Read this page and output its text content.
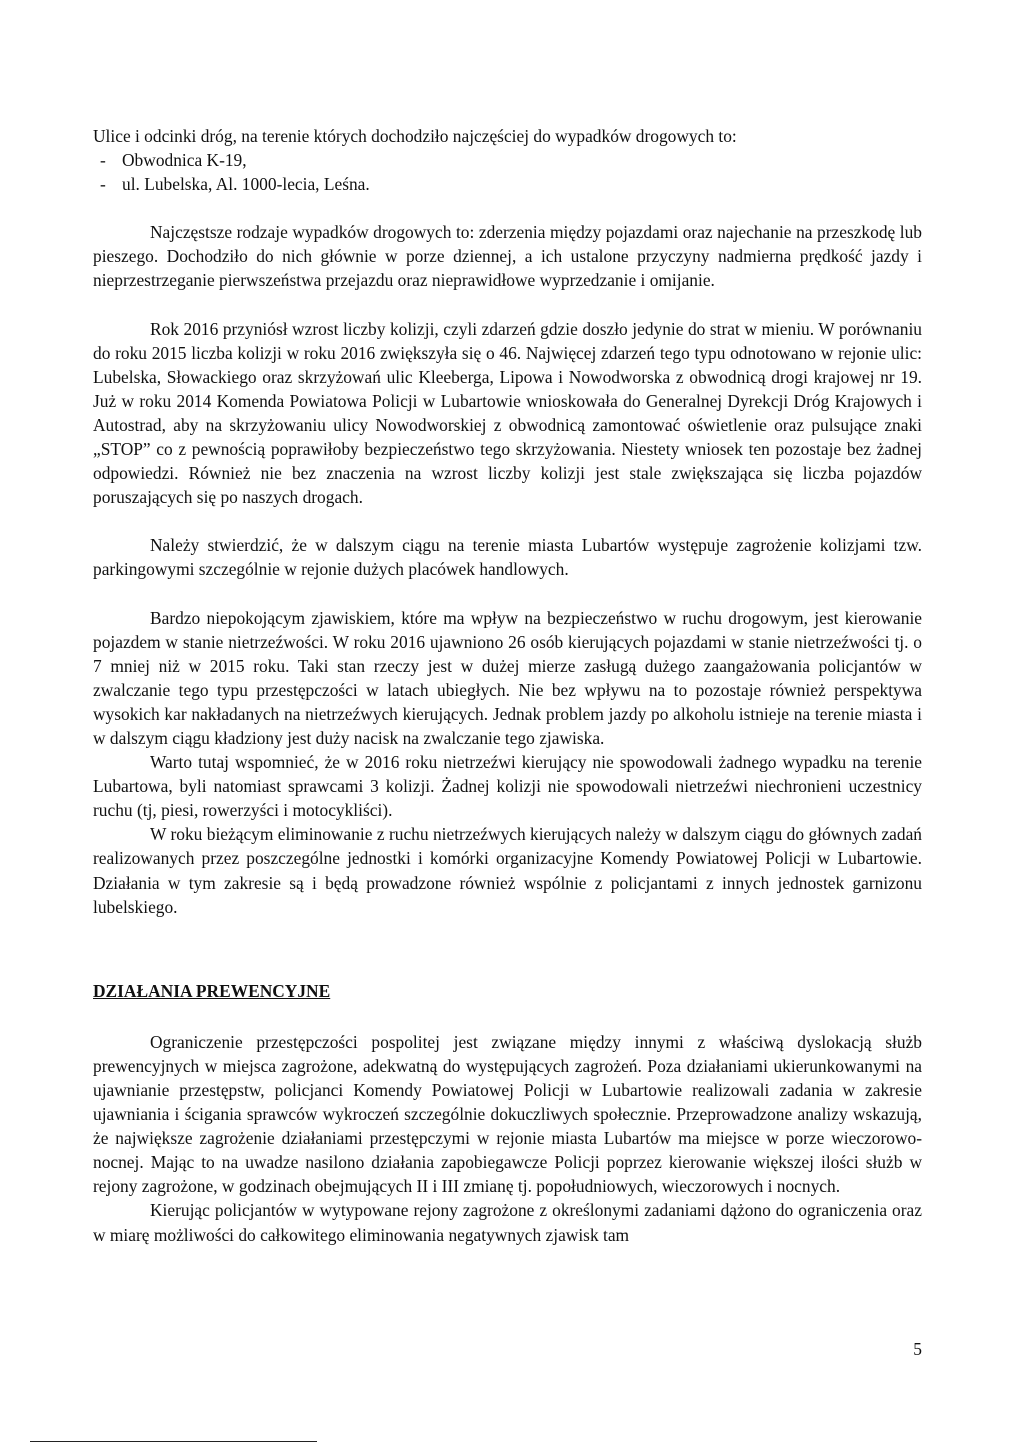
Ulice i odcinki dróg, na terenie których dochodziło najczęściej do wypadków drogowych to:

- Obwodnica K-19,
- ul. Lubelska, Al. 1000-lecia, Leśna.

Najczęstsze rodzaje wypadków drogowych to: zderzenia między pojazdami oraz najechanie na przeszkodę lub pieszego. Dochodziło do nich głównie w porze dziennej, a ich ustalone przyczyny nadmierna prędkość jazdy i nieprzestrzeganie pierwszeństwa przejazdu oraz nieprawidłowe wyprzedzanie i omijanie.

Rok 2016 przyniósł wzrost liczby kolizji, czyli zdarzeń gdzie doszło jedynie do strat w mieniu. W porównaniu do roku 2015 liczba kolizji w roku 2016 zwiększyła się o 46. Najwięcej zdarzeń tego typu odnotowano w rejonie ulic: Lubelska, Słowackiego oraz skrzyżowań ulic Kleeberga, Lipowa i Nowodworska z obwodnicą drogi krajowej nr 19. Już w roku 2014 Komenda Powiatowa Policji w Lubartowie wnioskowała do Generalnej Dyrekcji Dróg Krajowych i Autostrad, aby na skrzyżowaniu ulicy Nowodworskiej z obwodnicą zamontować oświetlenie oraz pulsujące znaki „STOP” co z pewnością poprawiłoby bezpieczeństwo tego skrzyżowania. Niestety wniosek ten pozostaje bez żadnej odpowiedzi. Również nie bez znaczenia na wzrost liczby kolizji jest stale zwiększająca się liczba pojazdów poruszających się po naszych drogach.

Należy stwierdzić, że w dalszym ciągu na terenie miasta Lubartów występuje zagrożenie kolizjami tzw. parkingowymi szczególnie w rejonie dużych placówek handlowych.

Bardzo niepokojącym zjawiskiem, które ma wpływ na bezpieczeństwo w ruchu drogowym, jest kierowanie pojazdem w stanie nietrzeźwości. W roku 2016 ujawniono 26 osób kierujących pojazdami w stanie nietrzeźwości tj. o 7 mniej niż w 2015 roku. Taki stan rzeczy jest w dużej mierze zasługą dużego zaangażowania policjantów w zwalczanie tego typu przestępczości w latach ubiegłych. Nie bez wpływu na to pozostaje również perspektywa wysokich kar nakładanych na nietrzeźwych kierujących. Jednak problem jazdy po alkoholu istnieje na terenie miasta i w dalszym ciągu kładziony jest duży nacisk na zwalczanie tego zjawiska.

Warto tutaj wspomnieć, że w 2016 roku nietrzeźwi kierujący nie spowodowali żadnego wypadku na terenie Lubartowa, byli natomiast sprawcami 3 kolizji. Żadnej kolizji nie spowodowali nietrzeźwi niechronieni uczestnicy ruchu (tj, piesi, rowerzyści i motocykliści).

W roku bieżącym eliminowanie z ruchu nietrzeźwych kierujących należy w dalszym ciągu do głównych zadań realizowanych przez poszczególne jednostki i komórki organizacyjne Komendy Powiatowej Policji w Lubartowie. Działania w tym zakresie są i będą prowadzone również wspólnie z policjantami z innych jednostek garnizonu lubelskiego.

DZIAŁANIA PREWENCYJNE

Ograniczenie przestępczości pospolitej jest związane między innymi z właściwą dyslokacją służb prewencyjnych w miejsca zagrożone, adekwatną do występujących zagrożeń. Poza działaniami ukierunkowanymi na ujawnianie przestępstw, policjanci Komendy Powiatowej Policji w Lubartowie realizowali zadania w zakresie ujawniania i ścigania sprawców wykroczeń szczególnie dokuczliwych społecznie. Przeprowadzone analizy wskazują, że największe zagrożenie działaniami przestępczymi w rejonie miasta Lubartów ma miejsce w porze wieczorowo-nocnej. Mając to na uwadze nasilono działania zapobiegawcze Policji poprzez kierowanie większej ilości służb w rejony zagrożone, w godzinach obejmujących II i III zmianę tj. popołudniowych, wieczorowych i nocnych.

Kierując policjantów w wytypowane rejony zagrożone z określonymi zadaniami dążono do ograniczenia oraz w miarę możliwości do całkowitego eliminowania negatywnych zjawisk tam

5
